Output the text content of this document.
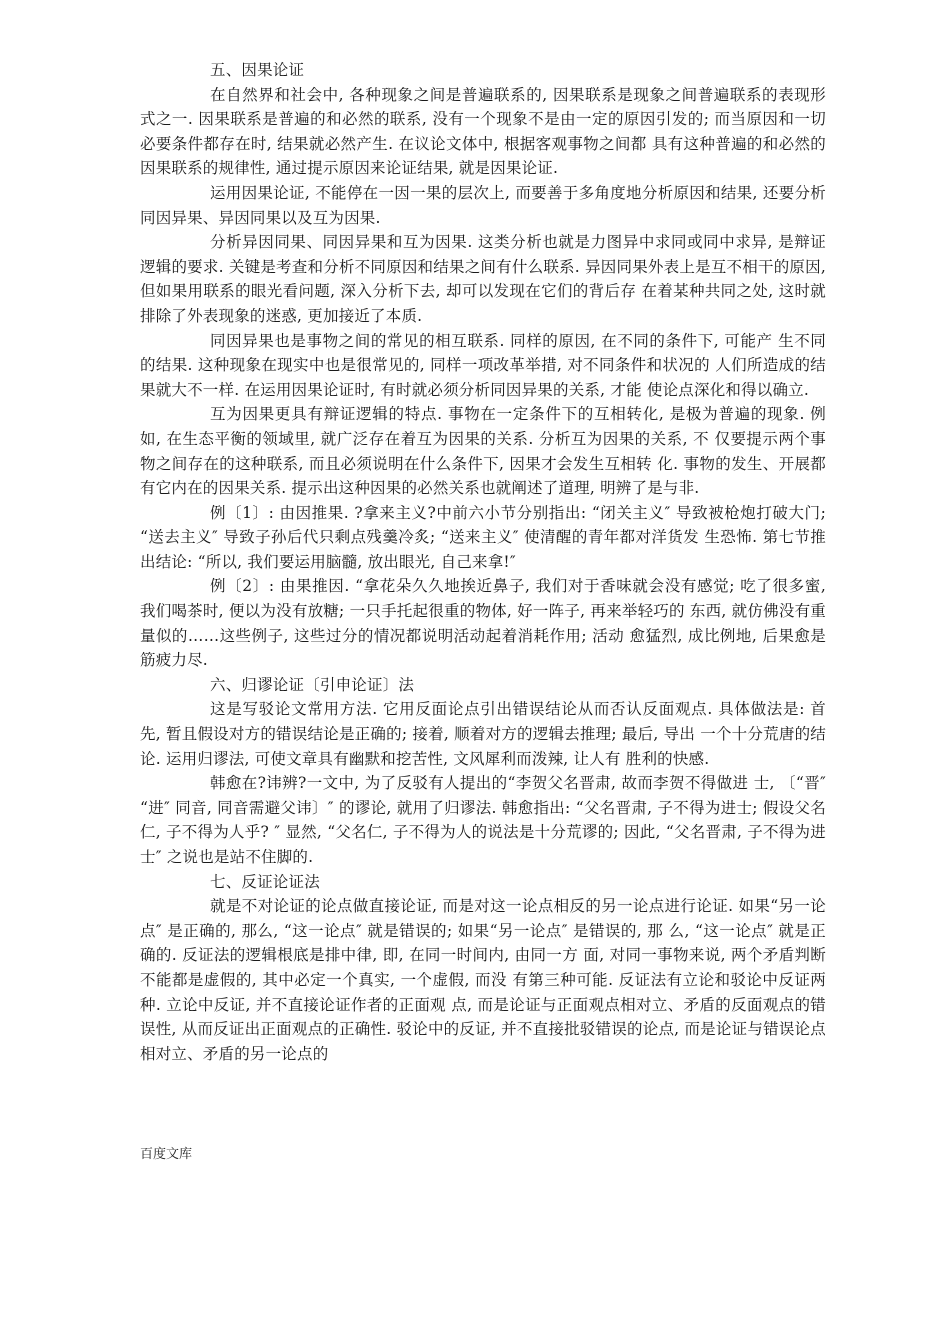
五、因果论证

在自然界和社会中, 各种现象之间是普遍联系的, 因果联系是现象之间普遍联系的表现形式之一. 因果联系是普遍的和必然的联系, 没有一个现象不是由一定的原因引发的; 而当原因和一切必要条件都存在时, 结果就必然产生. 在议论文体中, 根据客观事物之间都 具有这种普遍的和必然的因果联系的规律性, 通过提示原因来论证结果, 就是因果论证.

运用因果论证, 不能停在一因一果的层次上, 而要善于多角度地分析原因和结果, 还要分析同因异果、异因同果以及互为因果.

分析异因同果、同因异果和互为因果. 这类分析也就是力图异中求同或同中求异, 是辩证逻辑的要求. 关键是考查和分析不同原因和结果之间有什么联系. 异因同果外表上是互不相干的原因, 但如果用联系的眼光看问题, 深入分析下去, 却可以发现在它们的背后存 在着某种共同之处, 这时就排除了外表现象的迷惑, 更加接近了本质.

同因异果也是事物之间的常见的相互联系. 同样的原因, 在不同的条件下, 可能产 生不同的结果. 这种现象在现实中也是很常见的, 同样一项改革举措, 对不同条件和状况的 人们所造成的结果就大不一样. 在运用因果论证时, 有时就必须分析同因异果的关系, 才能 使论点深化和得以确立.

互为因果更具有辩证逻辑的特点. 事物在一定条件下的互相转化, 是极为普遍的现象. 例如, 在生态平衡的领域里, 就广泛存在着互为因果的关系. 分析互为因果的关系, 不 仅要提示两个事物之间存在的这种联系, 而且必须说明在什么条件下, 因果才会发生互相转 化. 事物的发生、开展都有它内在的因果关系. 提示出这种因果的必然关系也就阐述了道理, 明辨了是与非.

例〔1〕: 由因推果. ?拿来主义?中前六小节分别指出: “闭关主义″ 导致被枪炮打破大门; “送去主义″ 导致子孙后代只剩点残羹冷炙; “送来主义″ 使清醒的青年都对洋货发 生恐怖. 第七节推出结论: “所以, 我们要运用脑髓, 放出眼光, 自己来拿!″

例〔2〕: 由果推因. “拿花朵久久地挨近鼻子, 我们对于香味就会没有感觉; 吃了很多蜜, 我们喝茶时, 便以为没有放糖; 一只手托起很重的物体, 好一阵子, 再来举轻巧的 东西, 就仿佛没有重量似的……这些例子, 这些过分的情况都说明活动起着消耗作用; 活动 愈猛烈, 成比例地, 后果愈是筋疲力尽.

六、归谬论证〔引申论证〕法

这是写驳论文常用方法. 它用反面论点引出错误结论从而否认反面观点. 具体做法是: 首先, 暂且假设对方的错误结论是正确的; 接着, 顺着对方的逻辑去推理; 最后, 导出 一个十分荒唐的结论. 运用归谬法, 可使文章具有幽默和挖苦性, 文风犀利而泼辣, 让人有 胜利的快感.

韩愈在?讳辨?一文中, 为了反驳有人提出的“李贺父名晋肃, 故而李贺不得做进 士, 〔“晋″ “进″ 同音, 同音需避父讳〕″ 的谬论, 就用了归谬法. 韩愈指出: “父名晋肃, 子不得为进士; 假设父名仁, 子不得为人乎? ″ 显然, “父名仁, 子不得为人的说法是十分荒谬的; 因此, “父名晋肃, 子不得为进士″ 之说也是站不住脚的.

七、反证论证法

就是不对论证的论点做直接论证, 而是对这一论点相反的另一论点进行论证. 如果“另一论点″ 是正确的, 那么, “这一论点″ 就是错误的; 如果“另一论点″ 是错误的, 那 么, “这一论点″ 就是正确的. 反证法的逻辑根底是排中律, 即, 在同一时间内, 由同一方 面, 对同一事物来说, 两个矛盾判断不能都是虚假的, 其中必定一个真实, 一个虚假, 而没 有第三种可能. 反证法有立论和驳论中反证两种. 立论中反证, 并不直接论证作者的正面观 点, 而是论证与正面观点相对立、矛盾的反面观点的错误性, 从而反证出正面观点的正确性. 驳论中的反证, 并不直接批驳错误的论点, 而是论证与错误论点相对立、矛盾的另一论点的

百度文库
